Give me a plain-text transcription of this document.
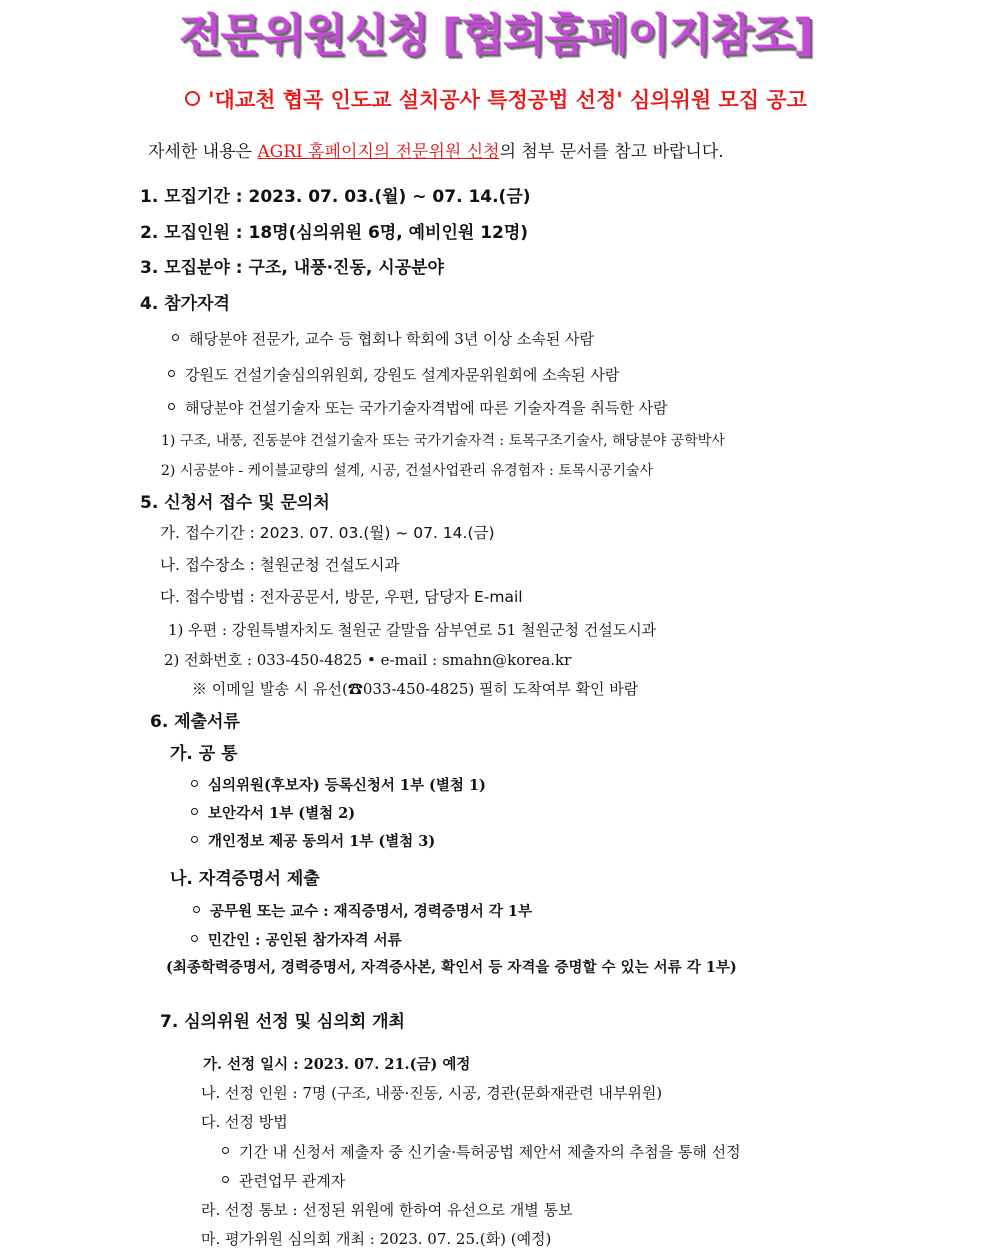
전문위원신청 [협회홈페이지참조]
'대교천 협곡 인도교 설치공사 특정공법 선정' 심의위원 모집 공고
자세한 내용은 AGRI 홈페이지의 전문위원 신청의 첨부 문서를 참고 바랍니다.
1. 모집기간 : 2023. 07. 03.(월) ~ 07. 14.(금)
2. 모집인원 : 18명(심의위원 6명, 예비인원 12명)
3. 모집분야 : 구조, 내풍·진동, 시공분야
4. 참가자격
해당분야 전문가, 교수 등 협회나 학회에 3년 이상 소속된 사람
강원도 건설기술심의위원회, 강원도 설계자문위원회에 소속된 사람
해당분야 건설기술자 또는 국가기술자격법에 따른 기술자격을 취득한 사람
1) 구조, 내풍, 진동분야 건설기술자 또는 국가기술자격 : 토목구조기술사, 해당분야 공학박사
2) 시공분야 - 케이블교량의 설계, 시공, 건설사업관리 유경험자 : 토목시공기술사
5. 신청서 접수 및 문의처
가. 접수기간 : 2023. 07. 03.(월) ~ 07. 14.(금)
나. 접수장소 : 철원군청 건설도시과
다. 접수방법 : 전자공문서, 방문, 우편, 담당자 E-mail
1) 우편 : 강원특별자치도 철원군 갈말읍 삼부연로 51 철원군청 건설도시과
2) 전화번호 : 033-450-4825 • e-mail : smahn@korea.kr
※ 이메일 발송 시 유선(☎033-450-4825) 필히 도착여부 확인 바람
6. 제출서류
가. 공 통
심의위원(후보자) 등록신청서 1부 (별첨 1)
보안각서 1부 (별첨 2)
개인정보 제공 동의서 1부 (별첨 3)
나. 자격증명서 제출
공무원 또는 교수 : 재직증명서, 경력증명서 각 1부
민간인 : 공인된 참가자격 서류
(최종학력증명서, 경력증명서, 자격증사본, 확인서 등 자격을 증명할 수 있는 서류 각 1부)
7. 심의위원 선정 및 심의회 개최
가. 선정 일시 : 2023. 07. 21.(금) 예정
나. 선정 인원 : 7명 (구조, 내풍·진동, 시공, 경관(문화재관련 내부위원)
다. 선정 방법
기간 내 신청서 제출자 중 신기술·특허공법 제안서 제출자의 추첨을 통해 선정
관련업무 관계자
라. 선정 통보 : 선정된 위원에 한하여 유선으로 개별 통보
마. 평가위원 심의회 개최 : 2023. 07. 25.(화) (예정)
